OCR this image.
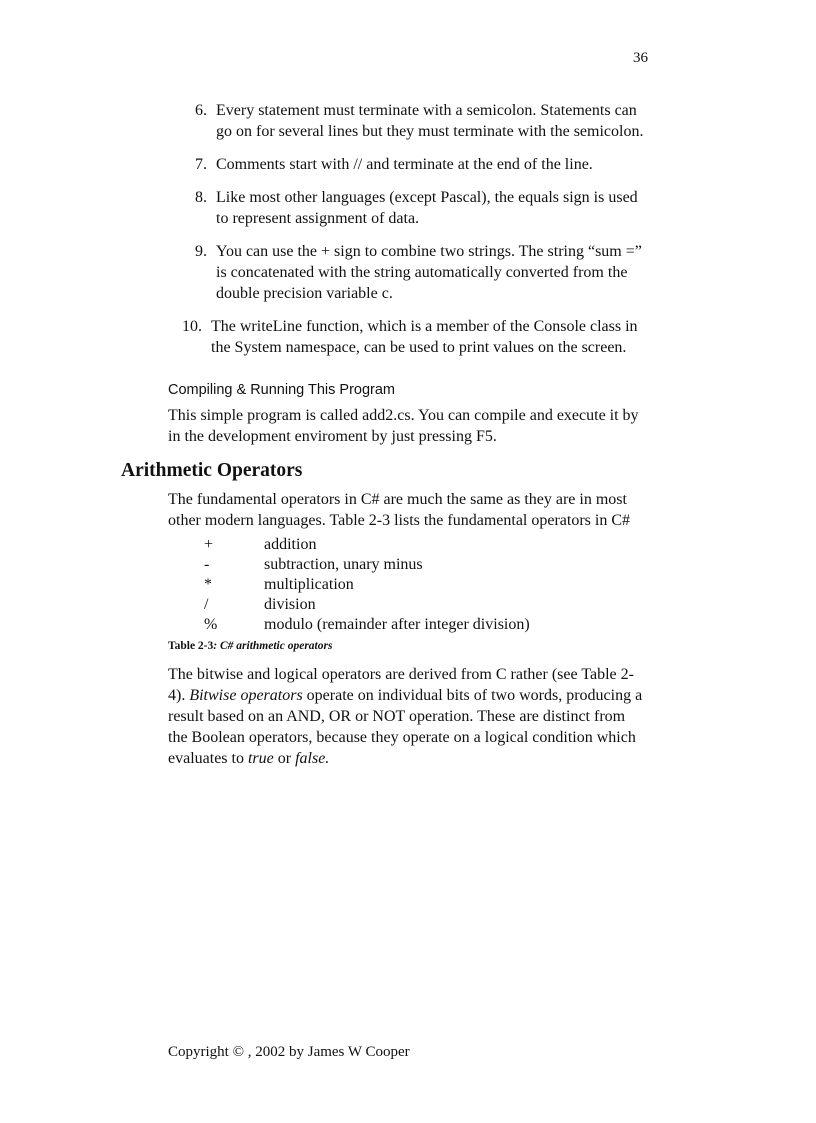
36
6. Every statement must terminate with a semicolon. Statements can go on for several lines but they must terminate with the semicolon.
7. Comments start with // and terminate at the end of the line.
8. Like most other languages (except Pascal), the equals sign is used to represent assignment of data.
9. You can use the + sign to combine two strings. The string “sum =” is concatenated with the string automatically converted from the double precision variable c.
10. The writeLine function, which is a member of the Console class in the System namespace, can be used to print values on the screen.
Compiling & Running This Program

This simple program is called add2.cs. You can compile and execute it by in the development enviroment by just pressing F5.

Arithmetic Operators

The fundamental operators in C# are much the same as they are in most other modern languages. Table 2-3 lists the fundamental operators in C#

+	addition
-	subtraction, unary minus
*	multiplication
/	division
%	modulo (remainder after integer division)
Table 2-3: C# arithmetic operators

The bitwise and logical operators are derived from C rather (see Table 2-4). Bitwise operators operate on individual bits of two words, producing a result based on an AND, OR or NOT operation. These are distinct from the Boolean operators, because they operate on a logical condition which evaluates to true or false.

Copyright © , 2002 by James W Cooper
